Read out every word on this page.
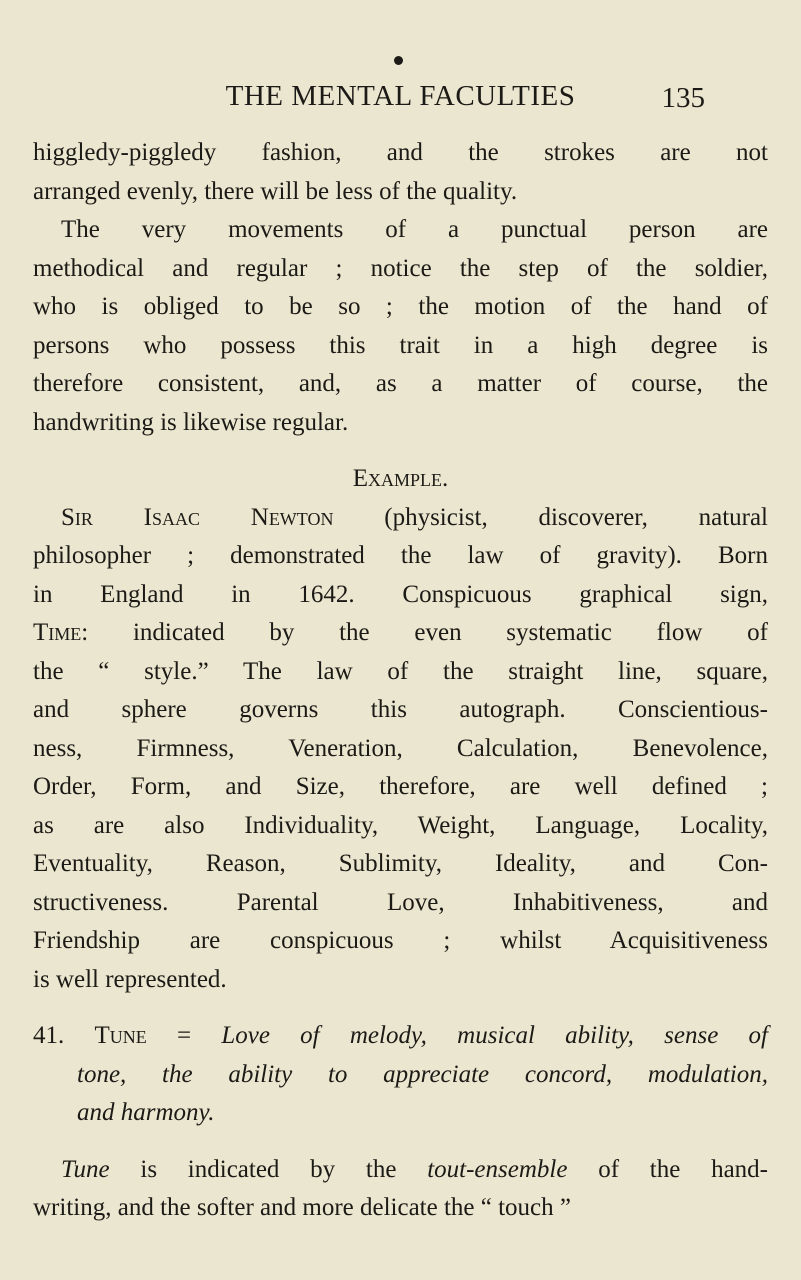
THE MENTAL FACULTIES	135
higgledy-piggledy fashion, and the strokes are not
arranged evenly, there will be less of the quality.
The very movements of a punctual person are
methodical and regular ; notice the step of the soldier,
who is obliged to be so ; the motion of the hand of
persons who possess this trait in a high degree is
therefore consistent, and, as a matter of course, the
handwriting is likewise regular.
Example.
Sir Isaac Newton (physicist, discoverer, natural
philosopher ; demonstrated the law of gravity). Born
in England in 1642. Conspicuous graphical sign,
Time: indicated by the even systematic flow of
the “ style.” The law of the straight line, square,
and sphere governs this autograph. Conscientious-
ness, Firmness, Veneration, Calculation, Benevolence,
Order, Form, and Size, therefore, are well defined ;
as are also Individuality, Weight, Language, Locality,
Eventuality, Reason, Sublimity, Ideality, and Con-
structiveness. Parental Love, Inhabitiveness, and
Friendship are conspicuous ; whilst Acquisitiveness
is well represented.
41. Tune = Love of melody, musical ability, sense of
tone, the ability to appreciate concord, modulation,
and harmony.
Tune is indicated by the tout-ensemble of the hand-
writing, and the softer and more delicate the “ touch ”
